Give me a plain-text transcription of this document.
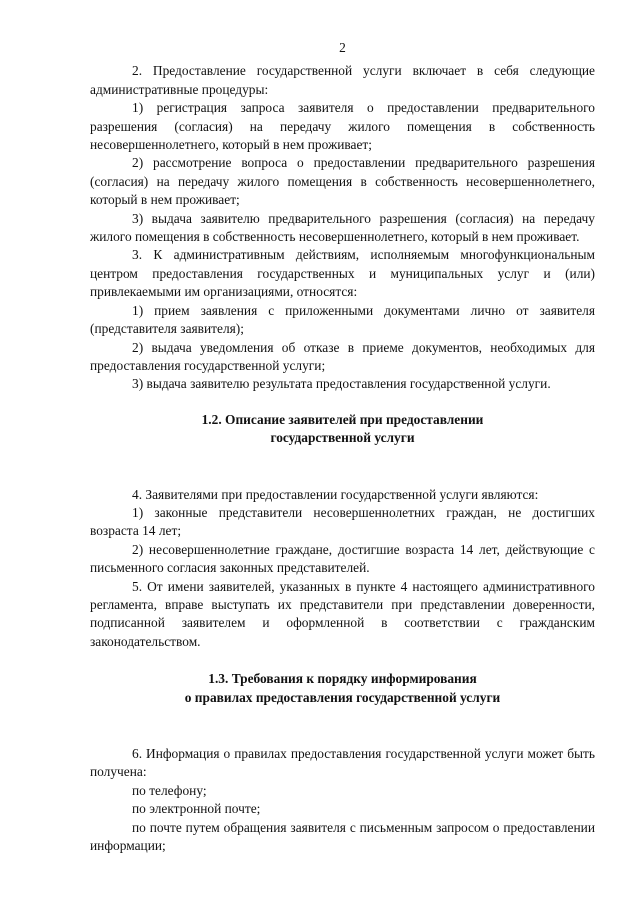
2

2. Предоставление государственной услуги включает в себя следующие административные процедуры:

1) регистрация запроса заявителя о предоставлении предварительного разрешения (согласия) на передачу жилого помещения в собственность несовершеннолетнего, который в нем проживает;

2) рассмотрение вопроса о предоставлении предварительного разрешения (согласия) на передачу жилого помещения в собственность несовершеннолетнего, который в нем проживает;

3) выдача заявителю предварительного разрешения (согласия) на передачу жилого помещения в собственность несовершеннолетнего, который в нем проживает.

3. К административным действиям, исполняемым многофункциональным центром предоставления государственных и муниципальных услуг и (или) привлекаемыми им организациями, относятся:

1) прием заявления с приложенными документами лично от заявителя (представителя заявителя);

2) выдача уведомления об отказе в приеме документов, необходимых для предоставления государственной услуги;

3) выдача заявителю результата предоставления государственной услуги.

1.2. Описание заявителей при предоставлении
государственной услуги

4. Заявителями при предоставлении государственной услуги являются:

1) законные представители несовершеннолетних граждан, не достигших возраста 14 лет;

2) несовершеннолетние граждане, достигшие возраста 14 лет, действующие с письменного согласия законных представителей.

5. От имени заявителей, указанных в пункте 4 настоящего административного регламента, вправе выступать их представители при представлении доверенности, подписанной заявителем и оформленной в соответствии с гражданским законодательством.

1.3. Требования к порядку информирования
о правилах предоставления государственной услуги

6. Информация о правилах предоставления государственной услуги может быть получена:

по телефону;

по электронной почте;

по почте путем обращения заявителя с письменным запросом о предоставлении информации;
